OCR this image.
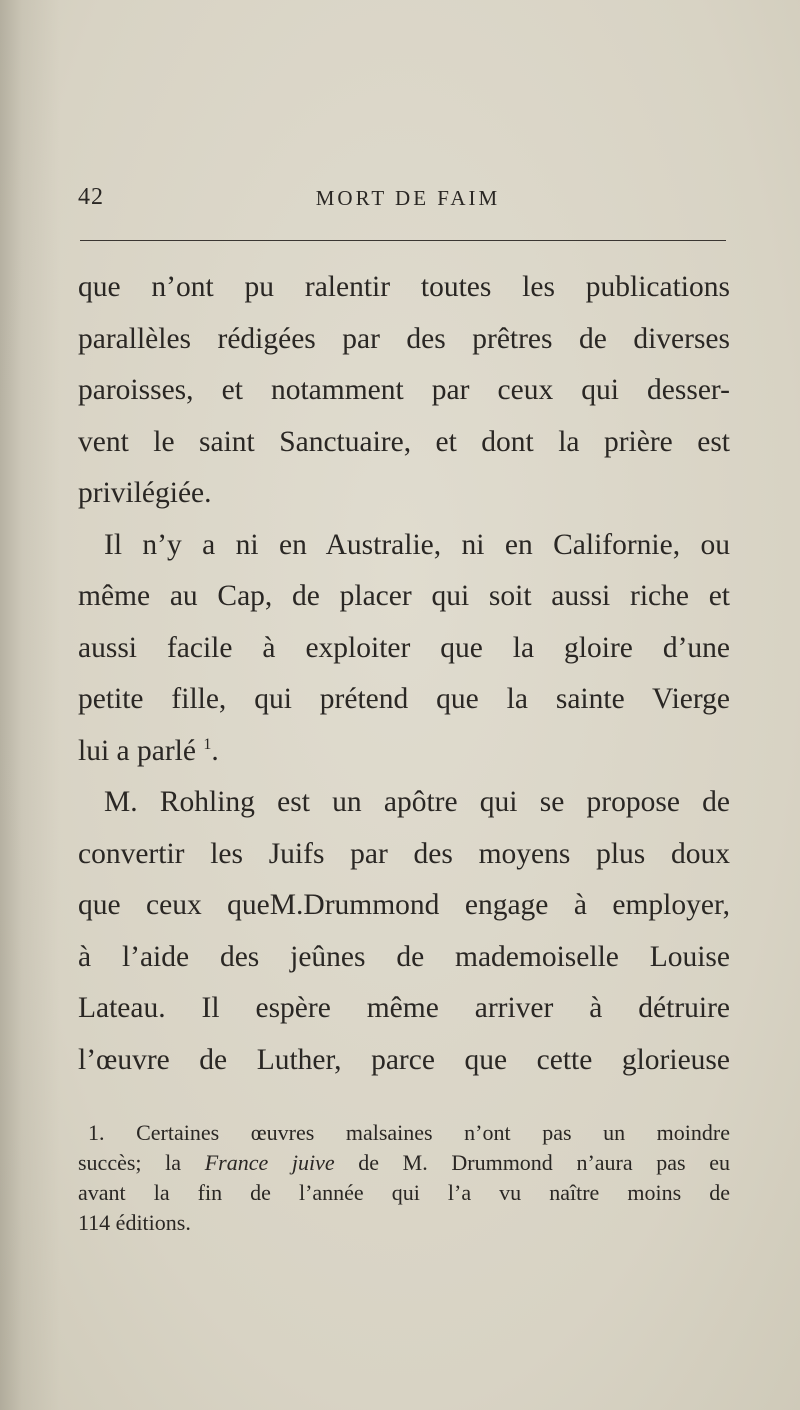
42	MORT DE FAIM
que n’ont pu ralentir toutes les publications
parallèles rédigées par des prêtres de diverses
paroisses, et notamment par ceux qui desser-
vent le saint Sanctuaire, et dont la prière est
privilégiée.
Il n’y a ni en Australie, ni en Californie, ou
même au Cap, de placer qui soit aussi riche et
aussi facile à exploiter que la gloire d’une
petite fille, qui prétend que la sainte Vierge
lui a parlé $^1$.
M. Rohling est un apôtre qui se propose de
convertir les Juifs par des moyens plus doux
que ceux queM.Drummond engage à employer,
à l’aide des jeûnes de mademoiselle Louise
Lateau. Il espère même arriver à détruire
l’œuvre de Luther, parce que cette glorieuse
1. Certaines œuvres malsaines n’ont pas un moindre
succès; la France juive de M. Drummond n’aura pas eu
avant la fin de l’année qui l’a vu naître moins de
114 éditions.
